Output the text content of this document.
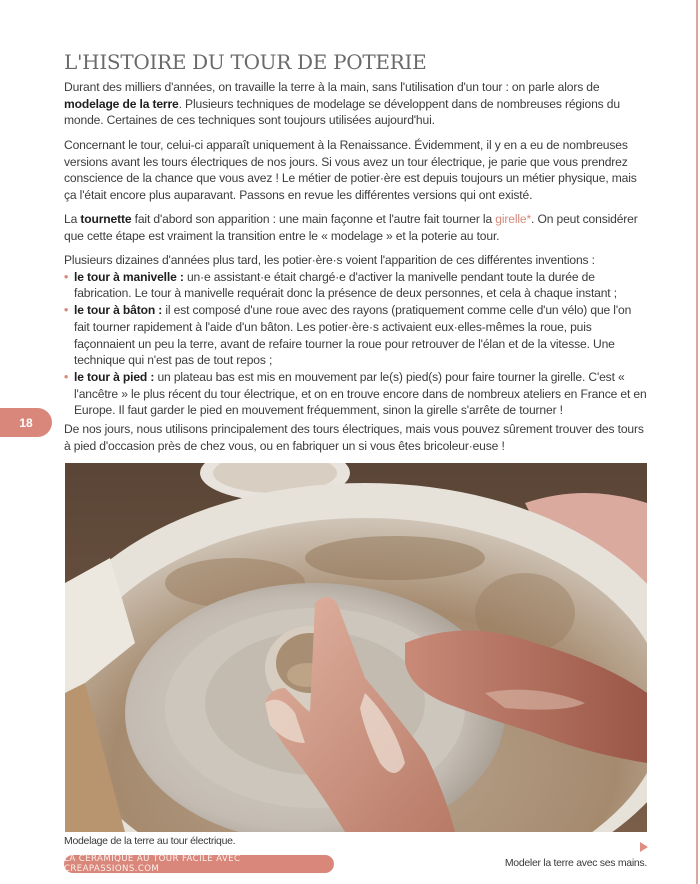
L'HISTOIRE DU TOUR DE POTERIE

Durant des milliers d'années, on travaille la terre à la main, sans l'utilisation d'un tour : on parle alors de modelage de la terre. Plusieurs techniques de modelage se développent dans de nombreuses régions du monde. Certaines de ces techniques sont toujours utilisées aujourd'hui.

Concernant le tour, celui-ci apparaît uniquement à la Renaissance. Évidemment, il y en a eu de nombreuses versions avant les tours électriques de nos jours. Si vous avez un tour électrique, je parie que vous prendrez conscience de la chance que vous avez ! Le métier de potier·ère est depuis toujours un métier physique, mais ça l'était encore plus auparavant. Passons en revue les différentes versions qui ont existé.

La tournette fait d'abord son apparition : une main façonne et l'autre fait tourner la girelle*. On peut considérer que cette étape est vraiment la transition entre le « modelage » et la poterie au tour.

Plusieurs dizaines d'années plus tard, les potier·ère·s voient l'apparition de ces différentes inventions :

• le tour à manivelle : un·e assistant·e était chargé·e d'activer la manivelle pendant toute la durée de fabrication. Le tour à manivelle requérait donc la présence de deux personnes, et cela à chaque instant ;
• le tour à bâton : il est composé d'une roue avec des rayons (pratiquement comme celle d'un vélo) que l'on fait tourner rapidement à l'aide d'un bâton. Les potier·ère·s activaient eux·elles-mêmes la roue, puis façonnaient un peu la terre, avant de refaire tourner la roue pour retrouver de l'élan et de la vitesse. Une technique qui n'est pas de tout repos ;
• le tour à pied : un plateau bas est mis en mouvement par le(s) pied(s) pour faire tourner la girelle. C'est « l'ancêtre » le plus récent du tour électrique, et on en trouve encore dans de nombreux ateliers en France et en Europe. Il faut garder le pied en mouvement fréquemment, sinon la girelle s'arrête de tourner !
18	De nos jours, nous utilisons principalement des tours électriques, mais vous pouvez sûrement trouver des tours à pied d'occasion près de chez vous, ou en fabriquer un si vous êtes bricoleur·euse !

Modelage de la terre au tour électrique.
Modeler la terre avec ses mains.
LA CÉRAMIQUE AU TOUR FACILE AVEC CREAPASSIONS.COM
